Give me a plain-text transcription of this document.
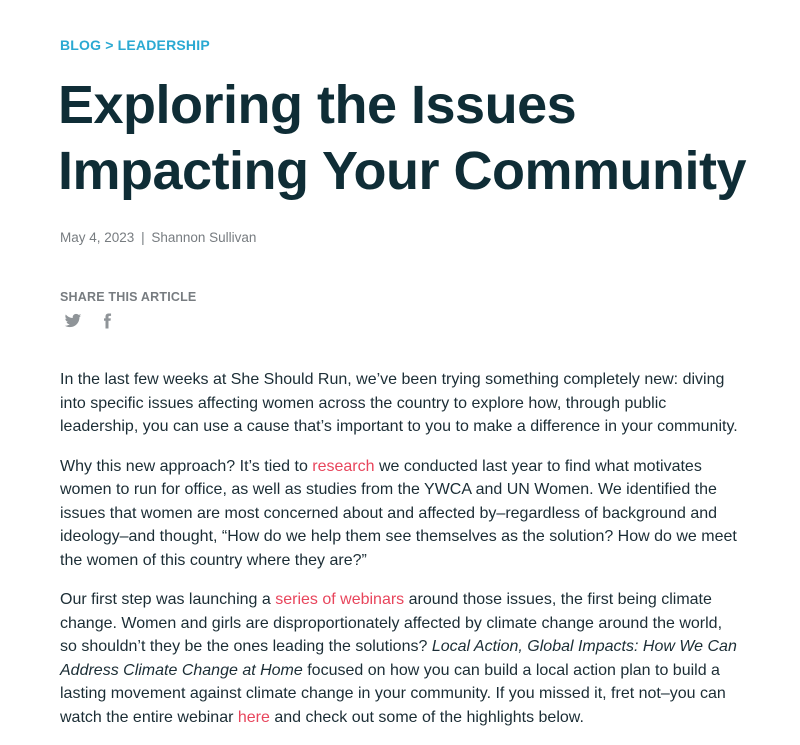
BLOG > LEADERSHIP
Exploring the Issues Impacting Your Community
May 4, 2023 | Shannon Sullivan
SHARE THIS ARTICLE

In the last few weeks at She Should Run, we’ve been trying something completely new: diving into specific issues affecting women across the country to explore how, through public leadership, you can use a cause that’s important to you to make a difference in your community.

Why this new approach? It’s tied to research we conducted last year to find what motivates women to run for office, as well as studies from the YWCA and UN Women. We identified the issues that women are most concerned about and affected by–regardless of background and ideology–and thought, “How do we help them see themselves as the solution? How do we meet the women of this country where they are?”

Our first step was launching a series of webinars around those issues, the first being climate change. Women and girls are disproportionately affected by climate change around the world, so shouldn’t they be the ones leading the solutions? Local Action, Global Impacts: How We Can Address Climate Change at Home focused on how you can build a local action plan to build a lasting movement against climate change in your community. If you missed it, fret not–you can watch the entire webinar here and check out some of the highlights below.
